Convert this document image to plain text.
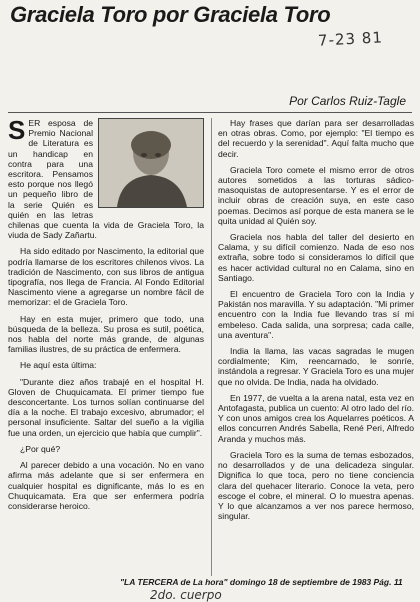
Graciela Toro por Graciela Toro
7-23 81
Por Carlos Ruiz-Tagle

SER esposa de Premio Nacional de Literatura es un handicap en contra para una escritora. Pensamos esto porque nos llegó un pequeño libro de la serie Quién es quién en las letras chilenas que cuenta la vida de Graciela Toro, la viuda de Sady Zañartu.

Ha sido editado por Nascimento, la editorial que podría llamarse de los escritores chilenos vivos. La tradición de Nascimento, con sus libros de antigua tipografía, nos llega de Francia. Al Fondo Editorial Nascimento viene a agregarse un nombre fácil de memorizar: el de Graciela Toro.

Hay en esta mujer, primero que todo, una búsqueda de la belleza. Su prosa es sutil, poética, nos habla del norte más grande, de algunas familias ilustres, de su práctica de enfermera.

He aquí esta última:

"Durante diez años trabajé en el hospital H. Gloven de Chuquicamata. El primer tiempo fue desconcertante. Los turnos solían continuarse del día a la noche. El trabajo excesivo, abrumador; el personal insuficiente. Saltar del sueño a la vigilia fue una orden, un ejercicio que había que cumplir".

¿Por qué?

Al parecer debido a una vocación. No en vano afirma más adelante que si ser enfermera en cualquier hospital es dignificante, más lo es en Chuquicamata. Era que ser enfermera podría considerarse heroico.

Hay frases que darían para ser desarrolladas en otras obras. Como, por ejemplo: "El tiempo es del recuerdo y la serenidad". Aquí falta mucho que decir.

Graciela Toro comete el mismo error de otros autores sometidos a las torturas sádico-masoquistas de autopresentarse. Y es el error de incluir obras de creación suya, en este caso poemas. Decimos así porque de esta manera se le quita unidad al Quién soy.

Graciela nos habla del taller del desierto en Calama, y su difícil comienzo. Nada de eso nos extraña, sobre todo si consideramos lo difícil que es hacer actividad cultural no en Calama, sino en Santiago.

El encuentro de Graciela Toro con la India y Pakistán nos maravilla. Y su adaptación. "Mi primer encuentro con la India fue llevando tras sí mi embeleso. Cada salida, una sorpresa; cada calle, una aventura".

India la llama, las vacas sagradas le mugen cordialmente; Kim, reencarnado, le sonríe, instándola a regresar. Y Graciela Toro es una mujer que no olvida. De India, nada ha olvidado.

En 1977, de vuelta a la arena natal, esta vez en Antofagasta, publica un cuento: Al otro lado del río. Y con unos amigos crea los Aquelarres poéticos. A ellos concurren Andrés Sabella, René Peri, Alfredo Aranda y muchos más.

Graciela Toro es la suma de temas esbozados, no desarrollados y de una delicadeza singular. Dignifica lo que toca, pero no tiene conciencia clara del quehacer literario. Conoce la veta, pero escoge el cobre, el mineral. O lo muestra apenas. Y lo que alcanzamos a ver nos parece hermoso, singular.

"LA TERCERA de La hora" domingo 18 de septiembre de 1983 Pág. 11
2do. cuerpo
